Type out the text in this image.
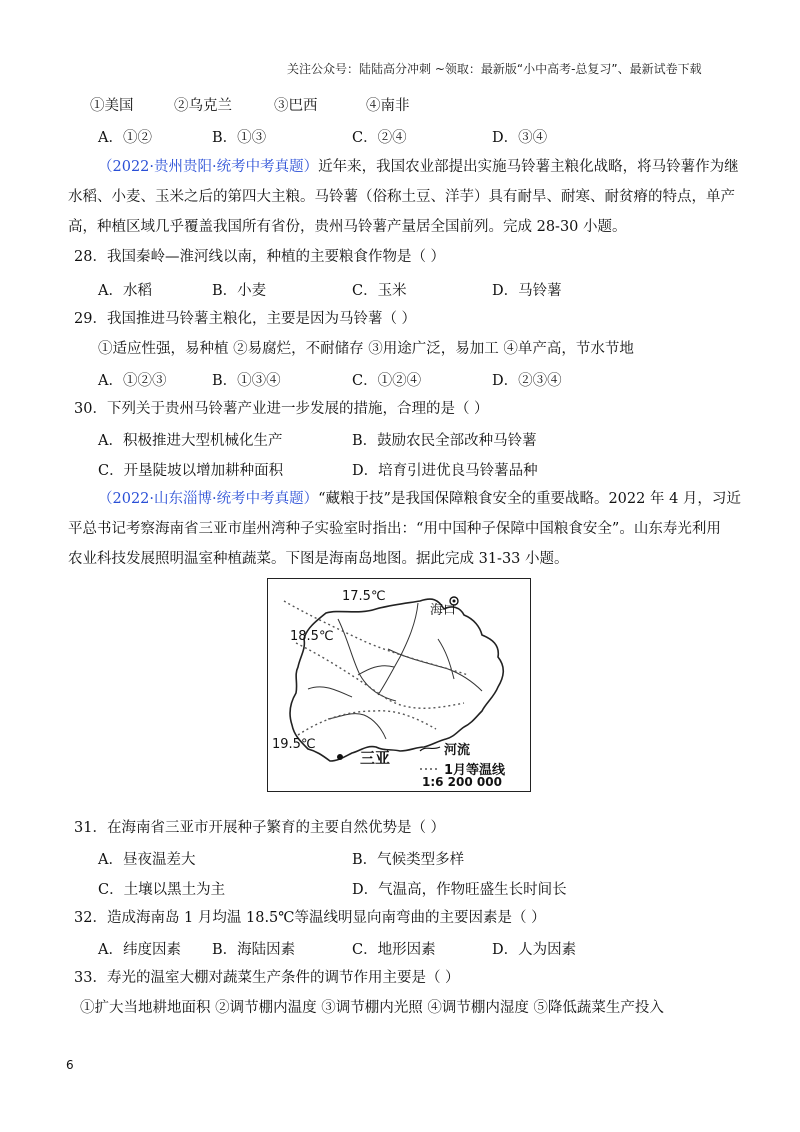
关注公众号：陆陆高分冲刺 ~领取：最新版“小中高考-总复习”、最新试卷下载
①美国	②乌克兰	③巴西	④南非
A．①②	B．①③	C．②④	D．③④
（2022·贵州贵阳·统考中考真题）近年来，我国农业部提出实施马铃薯主粮化战略，将马铃薯作为继
水稻、小麦、玉米之后的第四大主粮。马铃薯（俗称土豆、洋芋）具有耐旱、耐寒、耐贫瘠的特点，单产
高，种植区域几乎覆盖我国所有省份，贵州马铃薯产量居全国前列。完成 28-30 小题。
28．我国秦岭—淮河线以南，种植的主要粮食作物是（ ）
A．水稻	B．小麦	C．玉米	D．马铃薯
29．我国推进马铃薯主粮化，主要是因为马铃薯（ ）
①适应性强，易种植 ②易腐烂，不耐储存 ③用途广泛，易加工 ④单产高，节水节地
A．①②③	B．①③④	C．①②④	D．②③④
30．下列关于贵州马铃薯产业进一步发展的措施，合理的是（ ）
A．积极推进大型机械化生产	B．鼓励农民全部改种马铃薯
C．开垦陡坡以增加耕种面积	D．培育引进优良马铃薯品种
（2022·山东淄博·统考中考真题）“藏粮于技”是我国保障粮食安全的重要战略。2022 年 4 月，习近
平总书记考察海南省三亚市崖州湾种子实验室时指出：“用中国种子保障中国粮食安全”。山东寿光利用
农业科技发展照明温室种植蔬菜。下图是海南岛地图。据此完成 31-33 小题。
17.5℃
18.5℃
19.5℃
海口
三亚	河流
1月等温线
1:6 200 000
31．在海南省三亚市开展种子繁育的主要自然优势是（ ）
A．昼夜温差大	B．气候类型多样
C．土壤以黑土为主	D．气温高，作物旺盛生长时间长
32．造成海南岛 1 月均温 18.5℃等温线明显向南弯曲的主要因素是（ ）
A．纬度因素 B．海陆因素	C．地形因素	D．人为因素
33．寿光的温室大棚对蔬菜生产条件的调节作用主要是（ ）
①扩大当地耕地面积 ②调节棚内温度 ③调节棚内光照 ④调节棚内湿度 ⑤降低蔬菜生产投入
6
